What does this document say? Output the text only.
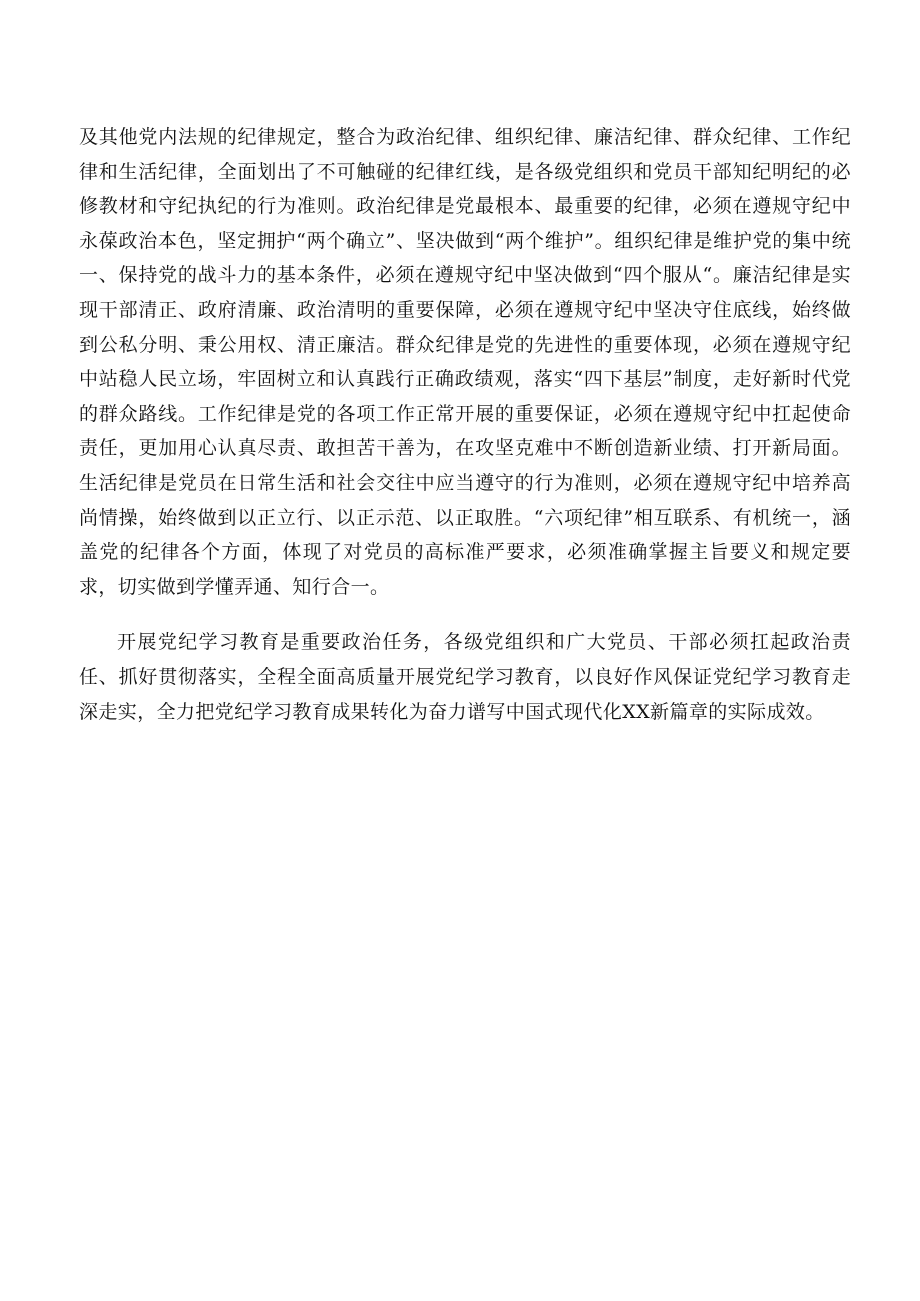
及其他党内法规的纪律规定，整合为政治纪律、组织纪律、廉洁纪律、群众纪律、工作纪律和生活纪律，全面划出了不可触碰的纪律红线，是各级党组织和党员干部知纪明纪的必修教材和守纪执纪的行为准则。政治纪律是党最根本、最重要的纪律，必须在遵规守纪中永葆政治本色，坚定拥护“两个确立”、坚决做到“两个维护”。组织纪律是维护党的集中统一、保持党的战斗力的基本条件，必须在遵规守纪中坚决做到“四个服从“。廉洁纪律是实现干部清正、政府清廉、政治清明的重要保障，必须在遵规守纪中坚决守住底线，始终做到公私分明、秉公用权、清正廉洁。群众纪律是党的先进性的重要体现，必须在遵规守纪中站稳人民立场，牢固树立和认真践行正确政绩观，落实“四下基层”制度，走好新时代党的群众路线。工作纪律是党的各项工作正常开展的重要保证，必须在遵规守纪中扛起使命责任，更加用心认真尽责、敢担苦干善为，在攻坚克难中不断创造新业绩、打开新局面。生活纪律是党员在日常生活和社会交往中应当遵守的行为准则，必须在遵规守纪中培养高尚情操，始终做到以正立行、以正示范、以正取胜。“六项纪律”相互联系、有机统一，涵盖党的纪律各个方面，体现了对党员的高标准严要求，必须准确掌握主旨要义和规定要求，切实做到学懂弄通、知行合一。

开展党纪学习教育是重要政治任务，各级党组织和广大党员、干部必须扛起政治责任、抓好贯彻落实，全程全面高质量开展党纪学习教育，以良好作风保证党纪学习教育走深走实，全力把党纪学习教育成果转化为奋力谱写中国式现代化XX新篇章的实际成效。
